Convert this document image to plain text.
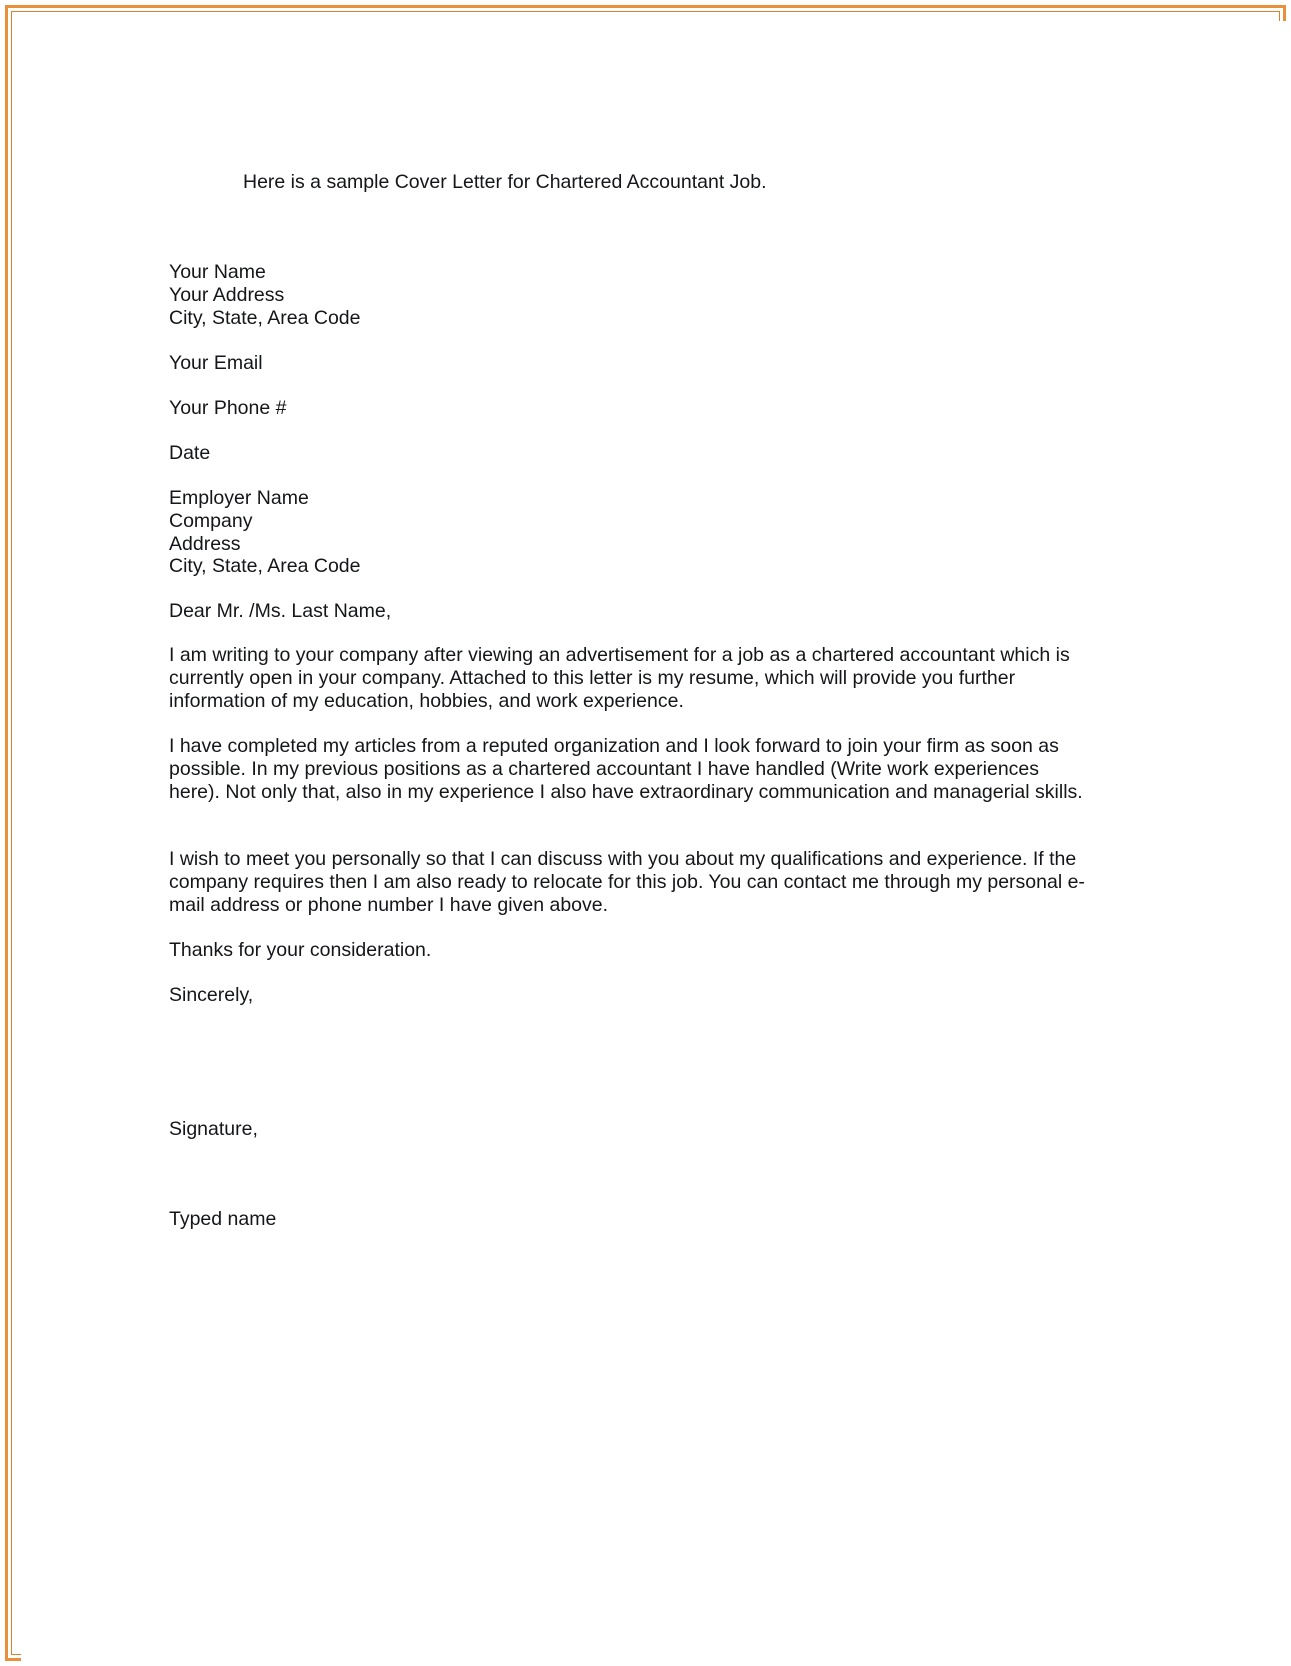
Here is a sample Cover Letter for Chartered Accountant Job.
Your Name
Your Address
City, State, Area Code
Your Email
Your Phone #
Date
Employer Name
Company
Address
City, State, Area Code
Dear Mr. /Ms. Last Name,
I am writing to your company after viewing an advertisement for a job as a chartered accountant which is currently open in your company. Attached to this letter is my resume, which will provide you further information of my education, hobbies, and work experience.
I have completed my articles from a reputed organization and I look forward to join your firm as soon as possible. In my previous positions as a chartered accountant I have handled (Write work experiences here). Not only that, also in my experience I also have extraordinary communication and managerial skills.
I wish to meet you personally so that I can discuss with you about my qualifications and experience. If the company requires then I am also ready to relocate for this job. You can contact me through my personal e-mail address or phone number I have given above.
Thanks for your consideration.
Sincerely,
Signature,
Typed name
